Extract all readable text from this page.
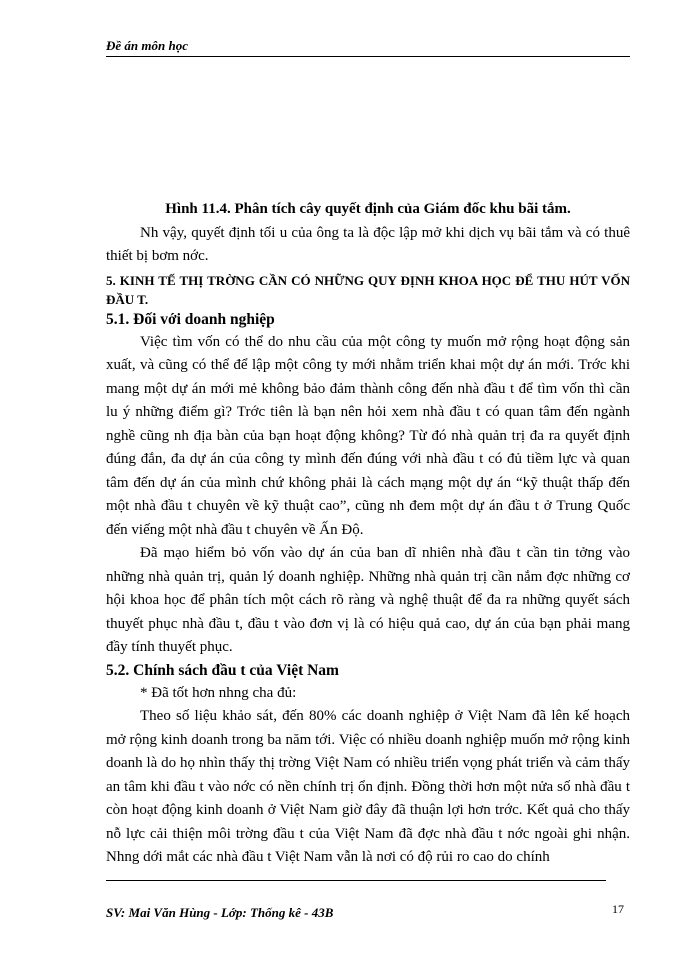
Đề án môn học

Hình 11.4. Phân tích cây quyết định của Giám đốc khu bãi tắm.

Nh vậy, quyết định tối u của ông ta là độc lập mở khi dịch vụ bãi tắm và có thuê thiết bị bơm nớc.

5. KINH TẾ THỊ TRỜNG CẦN CÓ NHỮNG QUY ĐỊNH KHOA HỌC ĐỂ THU HÚT VỐN ĐẦU T.

5.1. Đối với doanh nghiệp

Việc tìm vốn có thể do nhu cầu của một công ty muốn mở rộng hoạt động sản xuất, và cũng có thể để lập một công ty mới nhằm triển khai một dự án mới. Trớc khi mang một dự án mới mẻ không bảo đảm thành công đến nhà đầu t để tìm vốn thì cần lu ý những điểm gì? Trớc tiên là bạn nên hỏi xem nhà đầu t có quan tâm đến ngành nghề cũng nh địa bàn của bạn hoạt động không? Từ đó nhà quản trị đa ra quyết định đúng đắn, đa dự án của công ty mình đến đúng với nhà đầu t có đủ tiềm lực và quan tâm đến dự án của mình chứ không phải là cách mạng một dự án “kỹ thuật thấp đến một nhà đầu t chuyên về kỹ thuật cao”, cũng nh đem một dự án đầu t ở Trung Quốc đến viếng một nhà đầu t chuyên về Ấn Độ.

Đã mạo hiểm bỏ vốn vào dự án của ban dĩ nhiên nhà đầu t cần tin tởng vào những nhà quản trị, quản lý doanh nghiệp. Những nhà quản trị cần nắm đợc những cơ hội khoa học để phân tích một cách rõ ràng và nghệ thuật để đa ra những quyết sách thuyết phục nhà đầu t, đầu t vào đơn vị là có hiệu quả cao, dự án của bạn phải mang đầy tính thuyết phục.

5.2. Chính sách đầu t của Việt Nam

* Đã tốt hơn nhng cha đủ:

Theo số liệu khảo sát, đến 80% các doanh nghiệp ở Việt Nam đã lên kế hoạch mở rộng kinh doanh trong ba năm tới. Việc có nhiều doanh nghiệp muốn mở rộng kinh doanh là do họ nhìn thấy thị trờng Việt Nam có nhiều triển vọng phát triển và cảm thấy an tâm khi đầu t vào nớc có nền chính trị ổn định. Đồng thời hơn một nửa số nhà đầu t còn hoạt động kinh doanh ở Việt Nam giờ đây đã thuận lợi hơn trớc. Kết quả cho thấy nỗ lực cải thiện môi trờng đầu t của Việt Nam đã đợc nhà đầu t nớc ngoài ghi nhận. Nhng dới mắt các nhà đầu t Việt Nam vẫn là nơi có độ rủi ro cao do chính

SV: Mai Văn Hùng - Lớp: Thống kê - 43B	17
